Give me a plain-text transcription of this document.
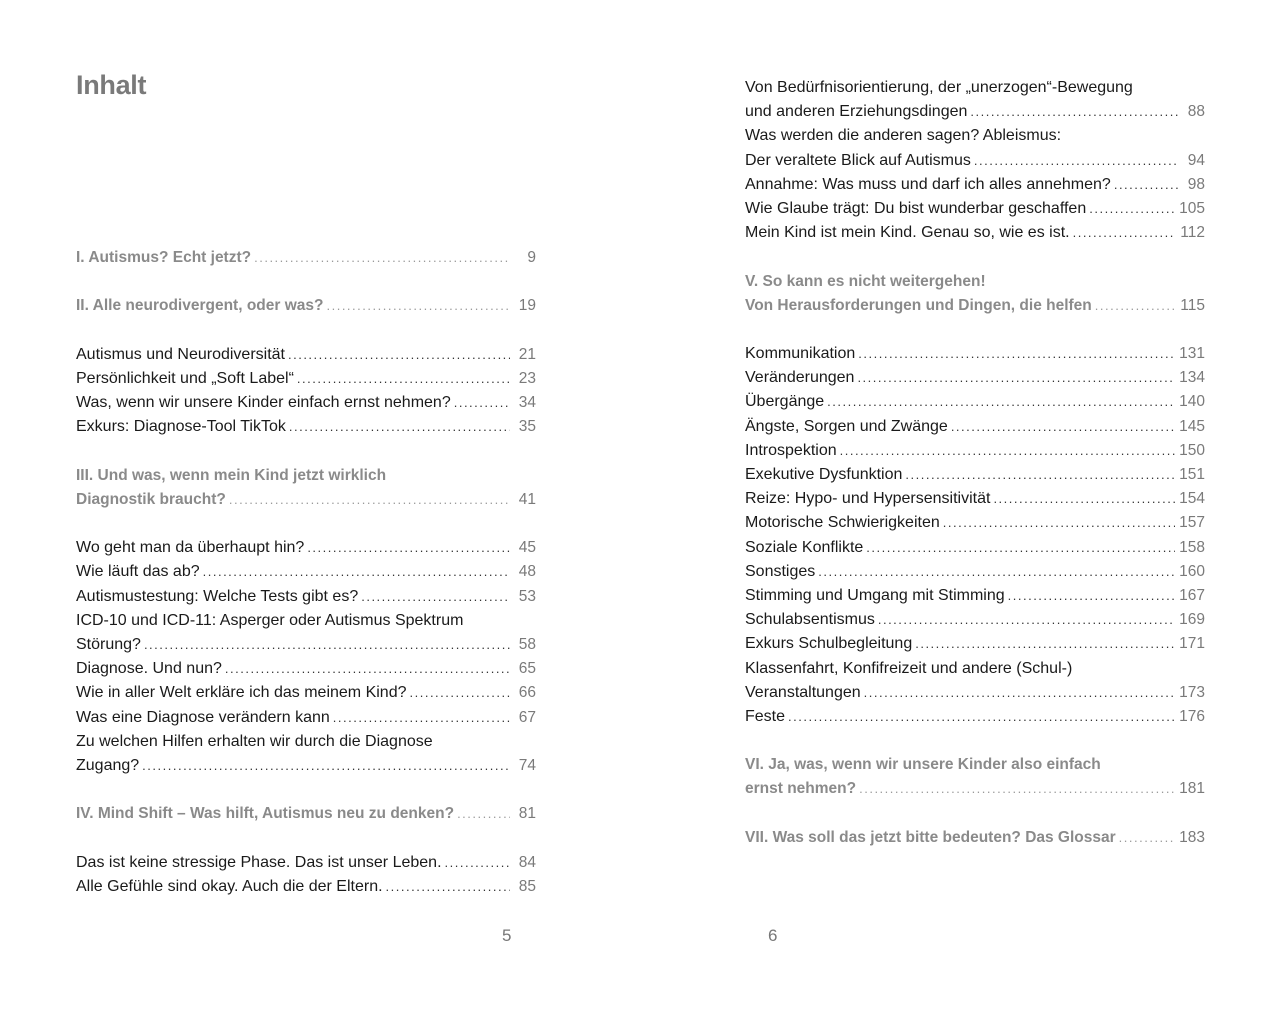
Inhalt
I. Autismus? Echt jetzt? .....	9
II. Alle neurodivergent, oder was? .....	19
Autismus und Neurodiversität .....	21
Persönlichkeit und „Soft Label“ .....	23
Was, wenn wir unsere Kinder einfach ernst nehmen? .....	34
Exkurs: Diagnose-Tool TikTok .....	35
III. Und was, wenn mein Kind jetzt wirklich
Diagnostik braucht? .....	41
Wo geht man da überhaupt hin? .....	45
Wie läuft das ab? .....	48
Autismustestung: Welche Tests gibt es? .....	53
ICD-10 und ICD-11: Asperger oder Autismus Spektrum
Störung? .....	58
Diagnose. Und nun? .....	65
Wie in aller Welt erkläre ich das meinem Kind? .....	66
Was eine Diagnose verändern kann .....	67
Zu welchen Hilfen erhalten wir durch die Diagnose
Zugang? .....	74
IV. Mind Shift – Was hilft, Autismus neu zu denken? .....	81
Das ist keine stressige Phase. Das ist unser Leben. .....	84
Alle Gefühle sind okay. Auch die der Eltern. .....	85
5
Von Bedürfnisorientierung, der „unerzogen“-Bewegung
und anderen Erziehungsdingen .....	88
Was werden die anderen sagen? Ableismus:
Der veraltete Blick auf Autismus .....	94
Annahme: Was muss und darf ich alles annehmen? .....	98
Wie Glaube trägt: Du bist wunderbar geschaffen .....	105
Mein Kind ist mein Kind. Genau so, wie es ist. .....	112
V. So kann es nicht weitergehen!
Von Herausforderungen und Dingen, die helfen .....	115
Kommunikation .....	131
Veränderungen .....	134
Übergänge .....	140
Ängste, Sorgen und Zwänge .....	145
Introspektion .....	150
Exekutive Dysfunktion .....	151
Reize: Hypo- und Hypersensitivität .....	154
Motorische Schwierigkeiten .....	157
Soziale Konflikte .....	158
Sonstiges .....	160
Stimming und Umgang mit Stimming .....	167
Schulabsentismus .....	169
Exkurs Schulbegleitung .....	171
Klassenfahrt, Konfifreizeit und andere (Schul-)
Veranstaltungen .....	173
Feste .....	176
VI. Ja, was, wenn wir unsere Kinder also einfach
ernst nehmen? .....	181
VII. Was soll das jetzt bitte bedeuten? Das Glossar .....	183
6
